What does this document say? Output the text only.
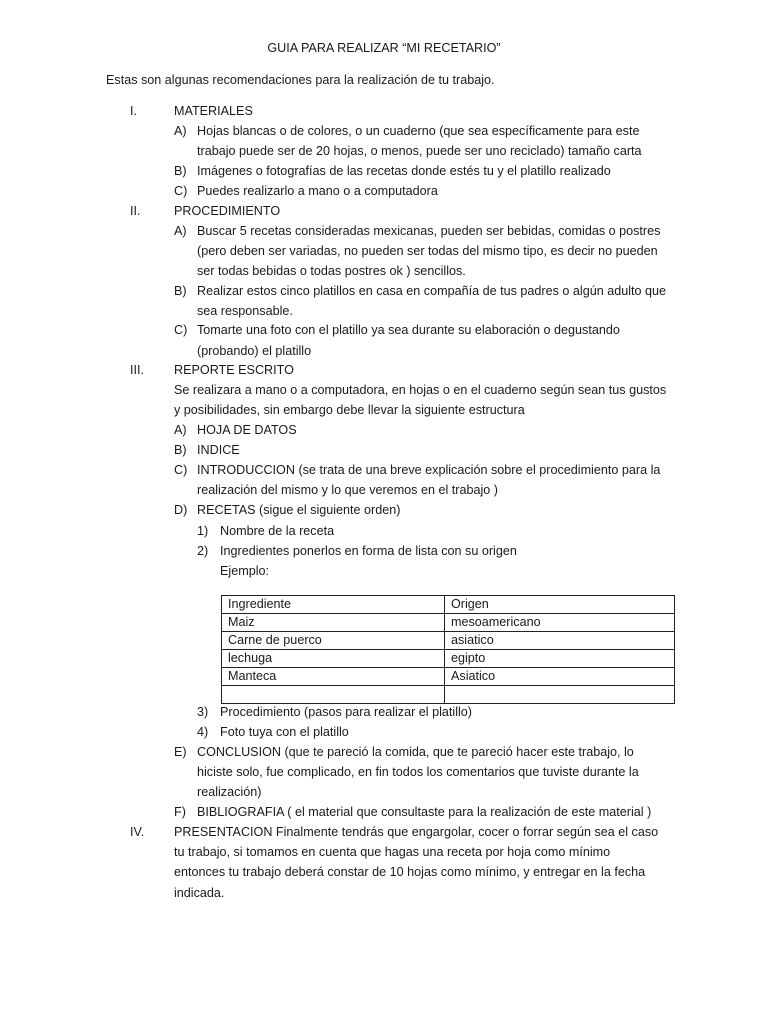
GUIA PARA REALIZAR “MI RECETARIO”
Estas son algunas recomendaciones para la realización de tu trabajo.
I.	MATERIALES
A) Hojas blancas o de colores, o un cuaderno (que sea específicamente para este
trabajo puede ser de 20 hojas, o menos, puede ser uno reciclado) tamaño carta
B) Imágenes o fotografías de las recetas donde estés tu y el platillo realizado
C) Puedes realizarlo a mano o a computadora
II.	PROCEDIMIENTO
A) Buscar 5 recetas consideradas mexicanas, pueden ser bebidas, comidas o postres
(pero deben ser variadas, no pueden ser todas del mismo tipo, es decir no pueden
ser todas bebidas o todas postres ok ) sencillos.
B) Realizar estos cinco platillos en casa en compañía de tus padres o algún adulto que
sea responsable.
C) Tomarte una foto con el platillo ya sea durante su elaboración o degustando
(probando) el platillo
III. REPORTE ESCRITO
Se realizara a mano o a computadora, en hojas o en el cuaderno según sean tus gustos
y posibilidades, sin embargo debe llevar la siguiente estructura
A) HOJA DE DATOS
B) INDICE
C) INTRODUCCION (se trata de una breve explicación sobre el procedimiento para la
realización del mismo y lo que veremos en el trabajo )
D) RECETAS (sigue el siguiente orden)
1) Nombre de la receta
2) Ingredientes ponerlos en forma de lista con su origen
Ejemplo:
Ingrediente	Origen
Maiz	mesoamericano
Carne de puerco	asiatico
lechuga	egipto
Manteca	Asiatico

3) Procedimiento (pasos para realizar el platillo)
4) Foto tuya con el platillo
E) CONCLUSION (que te pareció la comida, que te pareció hacer este trabajo, lo
hiciste solo, fue complicado, en fin todos los comentarios que tuviste durante la
realización)
F) BIBLIOGRAFIA ( el material que consultaste para la realización de este material )
IV. PRESENTACION Finalmente tendrás que engargolar, cocer o forrar según sea el caso
tu trabajo, si tomamos en cuenta que hagas una receta por hoja como mínimo
entonces tu trabajo deberá constar de 10 hojas como mínimo, y entregar en la fecha
indicada.
